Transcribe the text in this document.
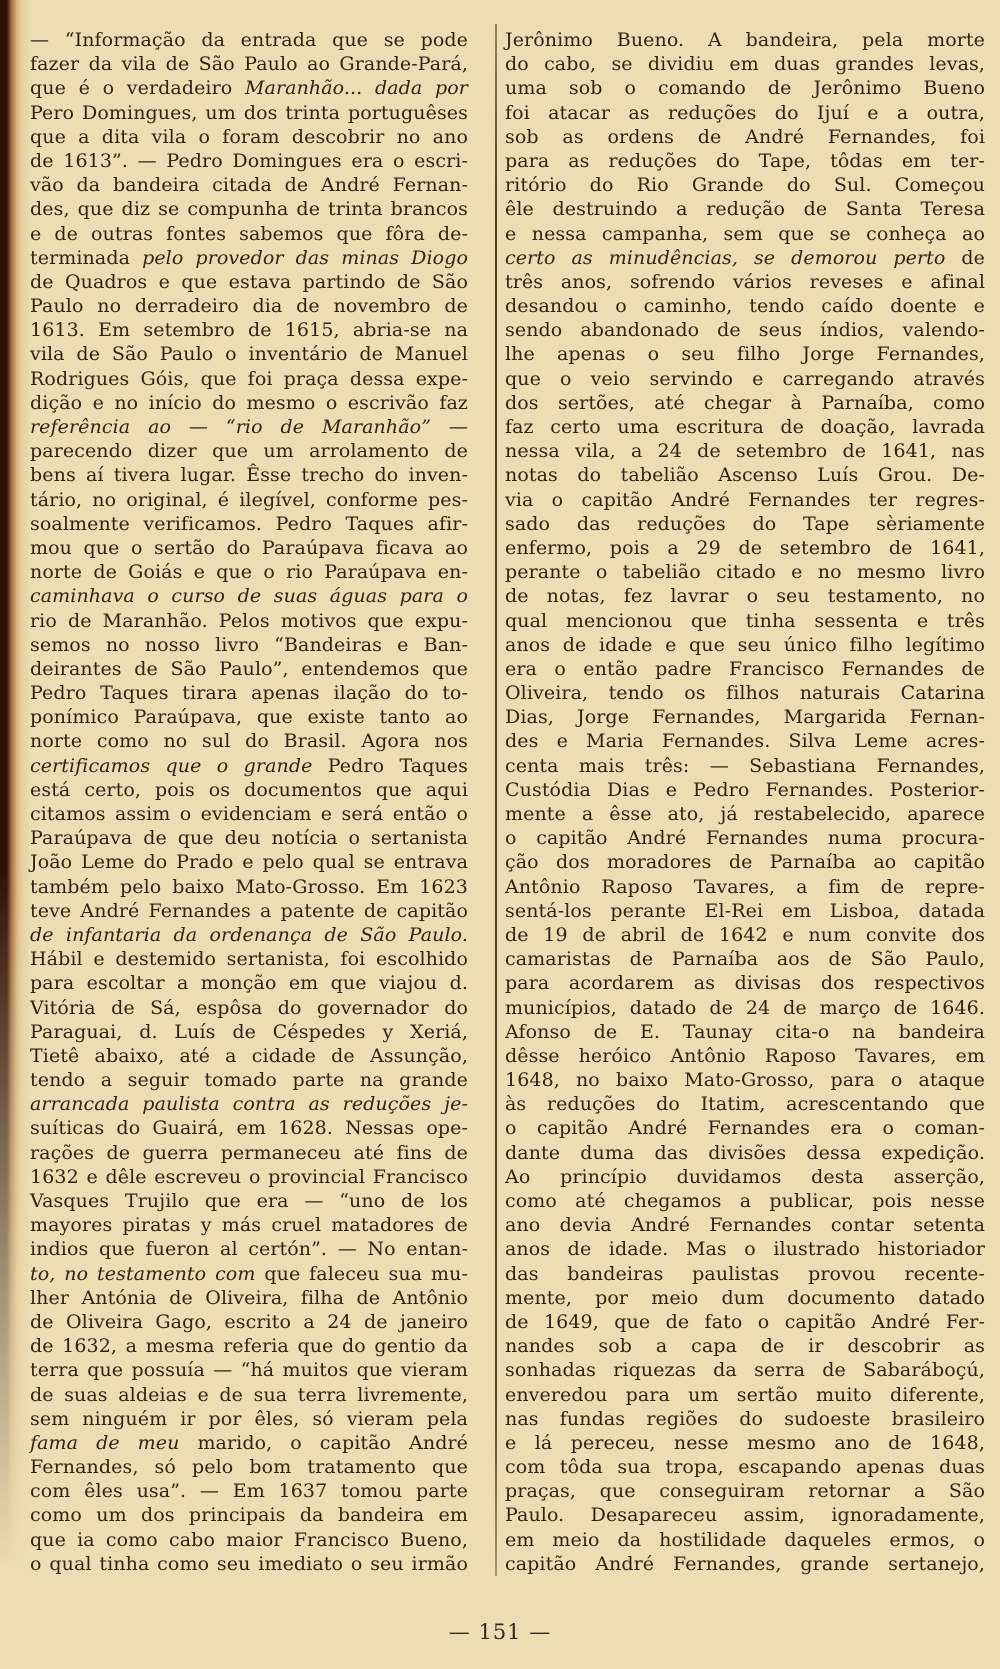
— “Informação da entrada que se pode
fazer da vila de São Paulo ao Grande-Pará,
que é o verdadeiro Maranhão... dada por
Pero Domingues, um dos trinta portuguêses
que a dita vila o foram descobrir no ano
de 1613”. — Pedro Domingues era o escri-
vão da bandeira citada de André Fernan-
des, que diz se compunha de trinta brancos
e de outras fontes sabemos que fôra de-
terminada pelo provedor das minas Diogo
de Quadros e que estava partindo de São
Paulo no derradeiro dia de novembro de
1613. Em setembro de 1615, abria-se na
vila de São Paulo o inventário de Manuel
Rodrigues Góis, que foi praça dessa expe-
dição e no início do mesmo o escrivão faz
referência ao — “rio de Maranhão” —
parecendo dizer que um arrolamento de
bens aí tivera lugar. Êsse trecho do inven-
tário, no original, é ilegível, conforme pes-
soalmente verificamos. Pedro Taques afir-
mou que o sertão do Paraúpava ficava ao
norte de Goiás e que o rio Paraúpava en-
caminhava o curso de suas águas para o
rio de Maranhão. Pelos motivos que expu-
semos no nosso livro “Bandeiras e Ban-
deirantes de São Paulo”, entendemos que
Pedro Taques tirara apenas ilação do to-
ponímico Paraúpava, que existe tanto ao
norte como no sul do Brasil. Agora nos
certificamos que o grande Pedro Taques
está certo, pois os documentos que aqui
citamos assim o evidenciam e será então o
Paraúpava de que deu notícia o sertanista
João Leme do Prado e pelo qual se entrava
também pelo baixo Mato-Grosso. Em 1623
teve André Fernandes a patente de capitão
de infantaria da ordenança de São Paulo.
Hábil e destemido sertanista, foi escolhido
para escoltar a monção em que viajou d.
Vitória de Sá, espôsa do governador do
Paraguai, d. Luís de Céspedes y Xeriá,
Tietê abaixo, até a cidade de Assunção,
tendo a seguir tomado parte na grande
arrancada paulista contra as reduções je-
suíticas do Guairá, em 1628. Nessas ope-
rações de guerra permaneceu até fins de
1632 e dêle escreveu o provincial Francisco
Vasques Trujilo que era — “uno de los
mayores piratas y más cruel matadores de
indios que fueron al certón”. — No entan-
to, no testamento com que faleceu sua mu-
lher Antónia de Oliveira, filha de Antônio
de Oliveira Gago, escrito a 24 de janeiro
de 1632, a mesma referia que do gentio da
terra que possuía — “há muitos que vieram
de suas aldeias e de sua terra livremente,
sem ninguém ir por êles, só vieram pela
fama de meu marido, o capitão André
Fernandes, só pelo bom tratamento que
com êles usa”. — Em 1637 tomou parte
como um dos principais da bandeira em
que ia como cabo maior Francisco Bueno,
o qual tinha como seu imediato o seu irmão
Jerônimo Bueno. A bandeira, pela morte
do cabo, se dividiu em duas grandes levas,
uma sob o comando de Jerônimo Bueno
foi atacar as reduções do Ijuí e a outra,
sob as ordens de André Fernandes, foi
para as reduções do Tape, tôdas em ter-
ritório do Rio Grande do Sul. Começou
êle destruindo a redução de Santa Teresa
e nessa campanha, sem que se conheça ao
certo as minudências, se demorou perto de
três anos, sofrendo vários reveses e afinal
desandou o caminho, tendo caído doente e
sendo abandonado de seus índios, valendo-
lhe apenas o seu filho Jorge Fernandes,
que o veio servindo e carregando através
dos sertões, até chegar à Parnaíba, como
faz certo uma escritura de doação, lavrada
nessa vila, a 24 de setembro de 1641, nas
notas do tabelião Ascenso Luís Grou. De-
via o capitão André Fernandes ter regres-
sado das reduções do Tape sèriamente
enfermo, pois a 29 de setembro de 1641,
perante o tabelião citado e no mesmo livro
de notas, fez lavrar o seu testamento, no
qual mencionou que tinha sessenta e três
anos de idade e que seu único filho legítimo
era o então padre Francisco Fernandes de
Oliveira, tendo os filhos naturais Catarina
Dias, Jorge Fernandes, Margarida Fernan-
des e Maria Fernandes. Silva Leme acres-
centa mais três: — Sebastiana Fernandes,
Custódia Dias e Pedro Fernandes. Posterior-
mente a êsse ato, já restabelecido, aparece
o capitão André Fernandes numa procura-
ção dos moradores de Parnaíba ao capitão
Antônio Raposo Tavares, a fim de repre-
sentá-los perante El-Rei em Lisboa, datada
de 19 de abril de 1642 e num convite dos
camaristas de Parnaíba aos de São Paulo,
para acordarem as divisas dos respectivos
municípios, datado de 24 de março de 1646.
Afonso de E. Taunay cita-o na bandeira
dêsse heróico Antônio Raposo Tavares, em
1648, no baixo Mato-Grosso, para o ataque
às reduções do Itatim, acrescentando que
o capitão André Fernandes era o coman-
dante duma das divisões dessa expedição.
Ao princípio duvidamos desta asserção,
como até chegamos a publicar, pois nesse
ano devia André Fernandes contar setenta
anos de idade. Mas o ilustrado historiador
das bandeiras paulistas provou recente-
mente, por meio dum documento datado
de 1649, que de fato o capitão André Fer-
nandes sob a capa de ir descobrir as
sonhadas riquezas da serra de Sabaráboçú,
enveredou para um sertão muito diferente,
nas fundas regiões do sudoeste brasileiro
e lá pereceu, nesse mesmo ano de 1648,
com tôda sua tropa, escapando apenas duas
praças, que conseguiram retornar a São
Paulo. Desapareceu assim, ignoradamente,
em meio da hostilidade daqueles ermos, o
capitão André Fernandes, grande sertanejo,
— 151 —
